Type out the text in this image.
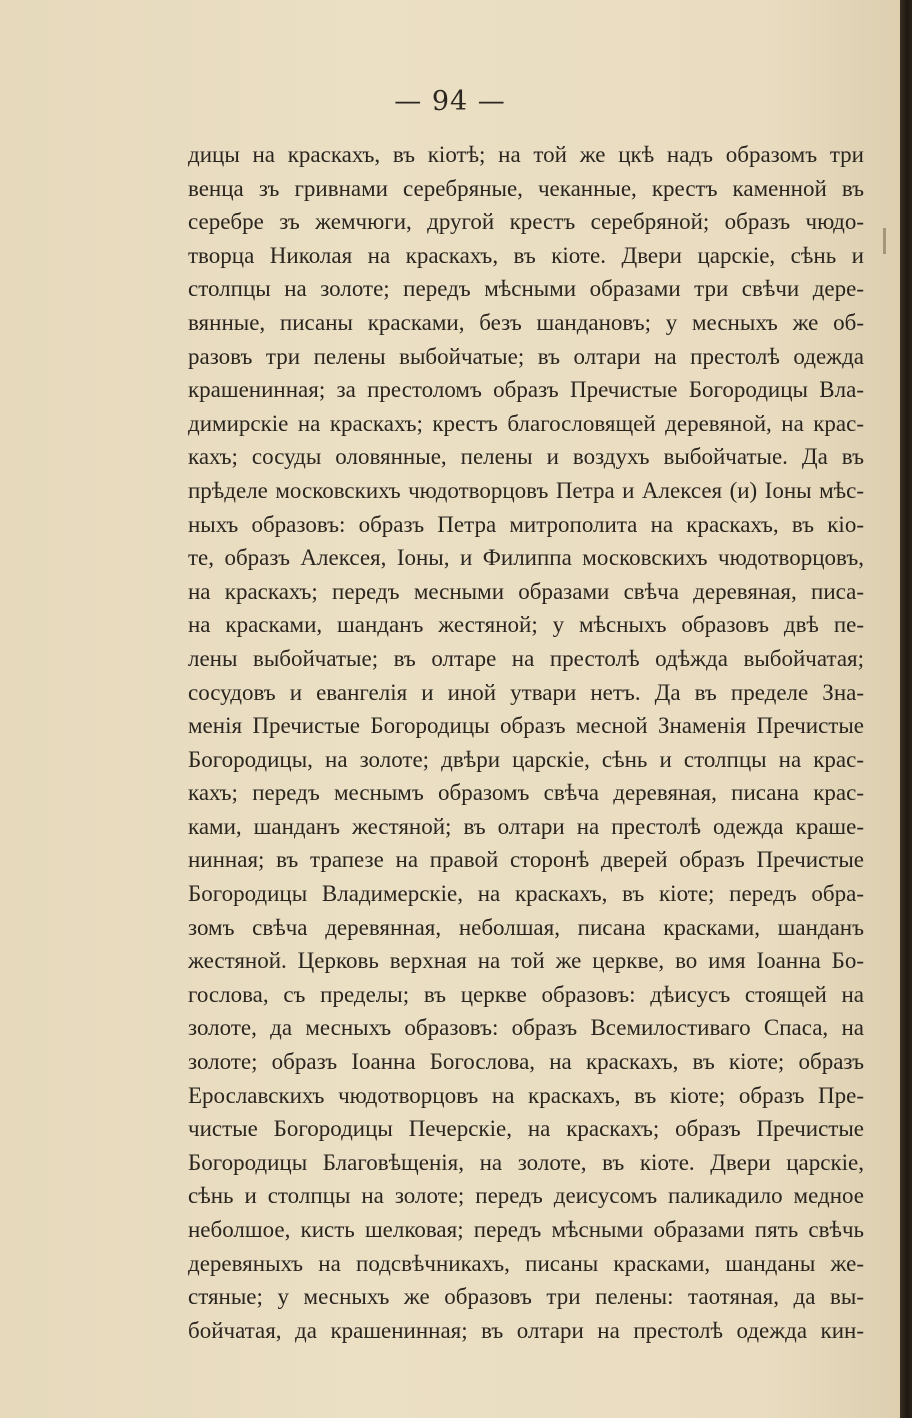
— 94 —
дицы на краскахъ, въ кіотѣ; на той же цкѣ надъ образомъ три
венца зъ гривнами серебряные, чеканные, крестъ каменной въ
серебре зъ жемчюги, другой крестъ серебряной; образъ чюдо-
творца Николая на краскахъ, въ кіоте. Двери царскіе, сѣнь и
столпцы на золоте; передъ мѣсными образами три свѣчи дере-
вянные, писаны красками, безъ шандановъ; у месныхъ же об-
разовъ три пелены выбойчатые; въ олтари на престолѣ одежда
крашенинная; за престоломъ образъ Пречистые Богородицы Вла-
димирскіе на краскахъ; крестъ благословящей деревяной, на крас-
кахъ; сосуды оловянные, пелены и воздухъ выбойчатые. Да въ
прѣделе московскихъ чюдотворцовъ Петра и Алексея (и) Іоны мѣс-
ныхъ образовъ: образъ Петра митрополита на краскахъ, въ кіо-
те, образъ Алексея, Іоны, и Филиппа московскихъ чюдотворцовъ,
на краскахъ; передъ месными образами свѣча деревяная, писа-
на красками, шанданъ жестяной; у мѣсныхъ образовъ двѣ пе-
лены выбойчатые; въ олтаре на престолѣ одѣжда выбойчатая;
сосудовъ и евангелія и иной утвари нетъ. Да въ пределе Зна-
менія Пречистые Богородицы образъ месной Знаменія Пречистые
Богородицы, на золоте; двѣри царскіе, сѣнь и столпцы на крас-
кахъ; передъ меснымъ образомъ свѣча деревяная, писана крас-
ками, шанданъ жестяной; въ олтари на престолѣ одежда краше-
нинная; въ трапезе на правой сторонѣ дверей образъ Пречистые
Богородицы Владимерскіе, на краскахъ, въ кіоте; передъ обра-
зомъ свѣча деревянная, неболшая, писана красками, шанданъ
жестяной. Церковь верхная на той же церкве, во имя Іоанна Бо-
гослова, съ пределы; въ церкве образовъ: дѣисусъ стоящей на
золоте, да месныхъ образовъ: образъ Всемилостиваго Спаса, на
золоте; образъ Іоанна Богослова, на краскахъ, въ кіоте; образъ
Ерославскихъ чюдотворцовъ на краскахъ, въ кіоте; образъ Пре-
чистые Богородицы Печерскіе, на краскахъ; образъ Пречистые
Богородицы Благовѣщенія, на золоте, въ кіоте. Двери царскіе,
сѣнь и столпцы на золоте; передъ деисусомъ паликадило медное
неболшое, кисть шелковая; передъ мѣсными образами пять свѣчь
деревяныхъ на подсвѣчникахъ, писаны красками, шанданы же-
стяные; у месныхъ же образовъ три пелены: таотяная, да вы-
бойчатая, да крашенинная; въ олтари на престолѣ одежда кин-
